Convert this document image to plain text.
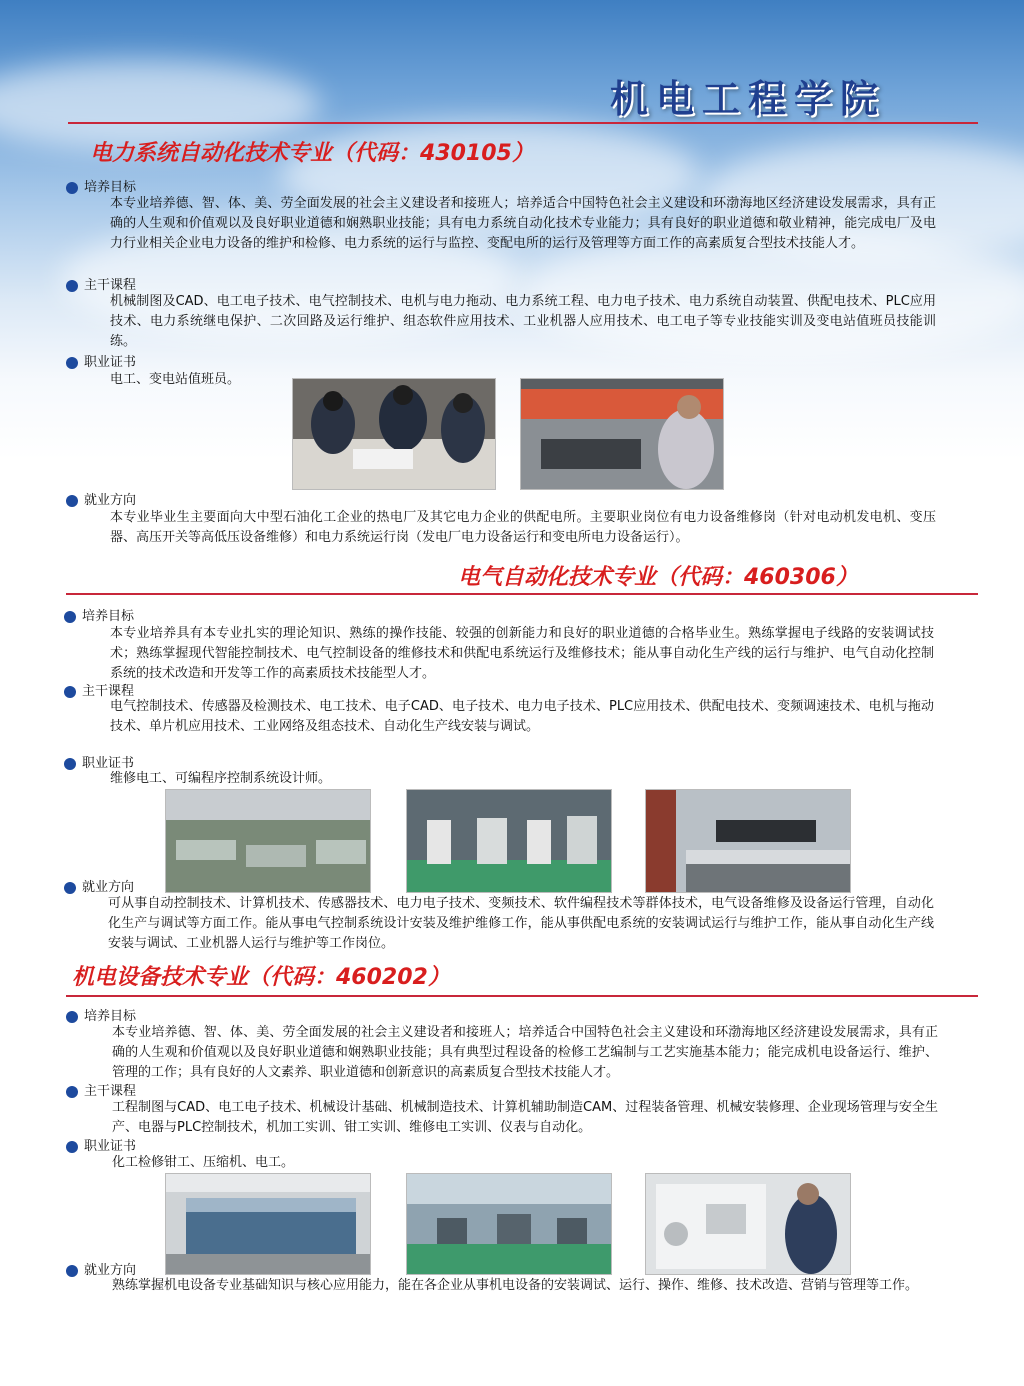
机电工程学院
电力系统自动化技术专业（代码：430105）
培养目标
本专业培养德、智、体、美、劳全面发展的社会主义建设者和接班人；培养适合中国特色社会主义建设和环渤海地区经济建设发展需求，具有正确的人生观和价值观以及良好职业道德和娴熟职业技能；具有电力系统自动化技术专业能力；具有良好的职业道德和敬业精神，能完成电厂及电力行业相关企业电力设备的维护和检修、电力系统的运行与监控、变配电所的运行及管理等方面工作的高素质复合型技术技能人才。
主干课程
机械制图及CAD、电工电子技术、电气控制技术、电机与电力拖动、电力系统工程、电力电子技术、电力系统自动装置、供配电技术、PLC应用技术、电力系统继电保护、二次回路及运行维护、组态软件应用技术、工业机器人应用技术、电工电子等专业技能实训及变电站值班员技能训练。
职业证书
电工、变电站值班员。
就业方向
本专业毕业生主要面向大中型石油化工企业的热电厂及其它电力企业的供配电所。主要职业岗位有电力设备维修岗（针对电动机发电机、变压器、高压开关等高低压设备维修）和电力系统运行岗（发电厂电力设备运行和变电所电力设备运行）。
电气自动化技术专业（代码：460306）
培养目标
本专业培养具有本专业扎实的理论知识、熟练的操作技能、较强的创新能力和良好的职业道德的合格毕业生。熟练掌握电子线路的安装调试技术；熟练掌握现代智能控制技术、电气控制设备的维修技术和供配电系统运行及维修技术；能从事自动化生产线的运行与维护、电气自动化控制系统的技术改造和开发等工作的高素质技术技能型人才。
主干课程
电气控制技术、传感器及检测技术、电工技术、电子CAD、电子技术、电力电子技术、PLC应用技术、供配电技术、变频调速技术、电机与拖动技术、单片机应用技术、工业网络及组态技术、自动化生产线安装与调试。
职业证书
维修电工、可编程序控制系统设计师。
就业方向
可从事自动控制技术、计算机技术、传感器技术、电力电子技术、变频技术、软件编程技术等群体技术，电气设备维修及设备运行管理，自动化化生产与调试等方面工作。能从事电气控制系统设计安装及维护维修工作，能从事供配电系统的安装调试运行与维护工作，能从事自动化生产线安装与调试、工业机器人运行与维护等工作岗位。
机电设备技术专业（代码：460202）
培养目标
本专业培养德、智、体、美、劳全面发展的社会主义建设者和接班人；培养适合中国特色社会主义建设和环渤海地区经济建设发展需求，具有正确的人生观和价值观以及良好职业道德和娴熟职业技能；具有典型过程设备的检修工艺编制与工艺实施基本能力；能完成机电设备运行、维护、管理的工作；具有良好的人文素养、职业道德和创新意识的高素质复合型技术技能人才。
主干课程
工程制图与CAD、电工电子技术、机械设计基础、机械制造技术、计算机辅助制造CAM、过程装备管理、机械安装修理、企业现场管理与安全生产、电器与PLC控制技术，机加工实训、钳工实训、维修电工实训、仪表与自动化。
职业证书
化工检修钳工、压缩机、电工。
就业方向
熟练掌握机电设备专业基础知识与核心应用能力，能在各企业从事机电设备的安装调试、运行、操作、维修、技术改造、营销与管理等工作。
